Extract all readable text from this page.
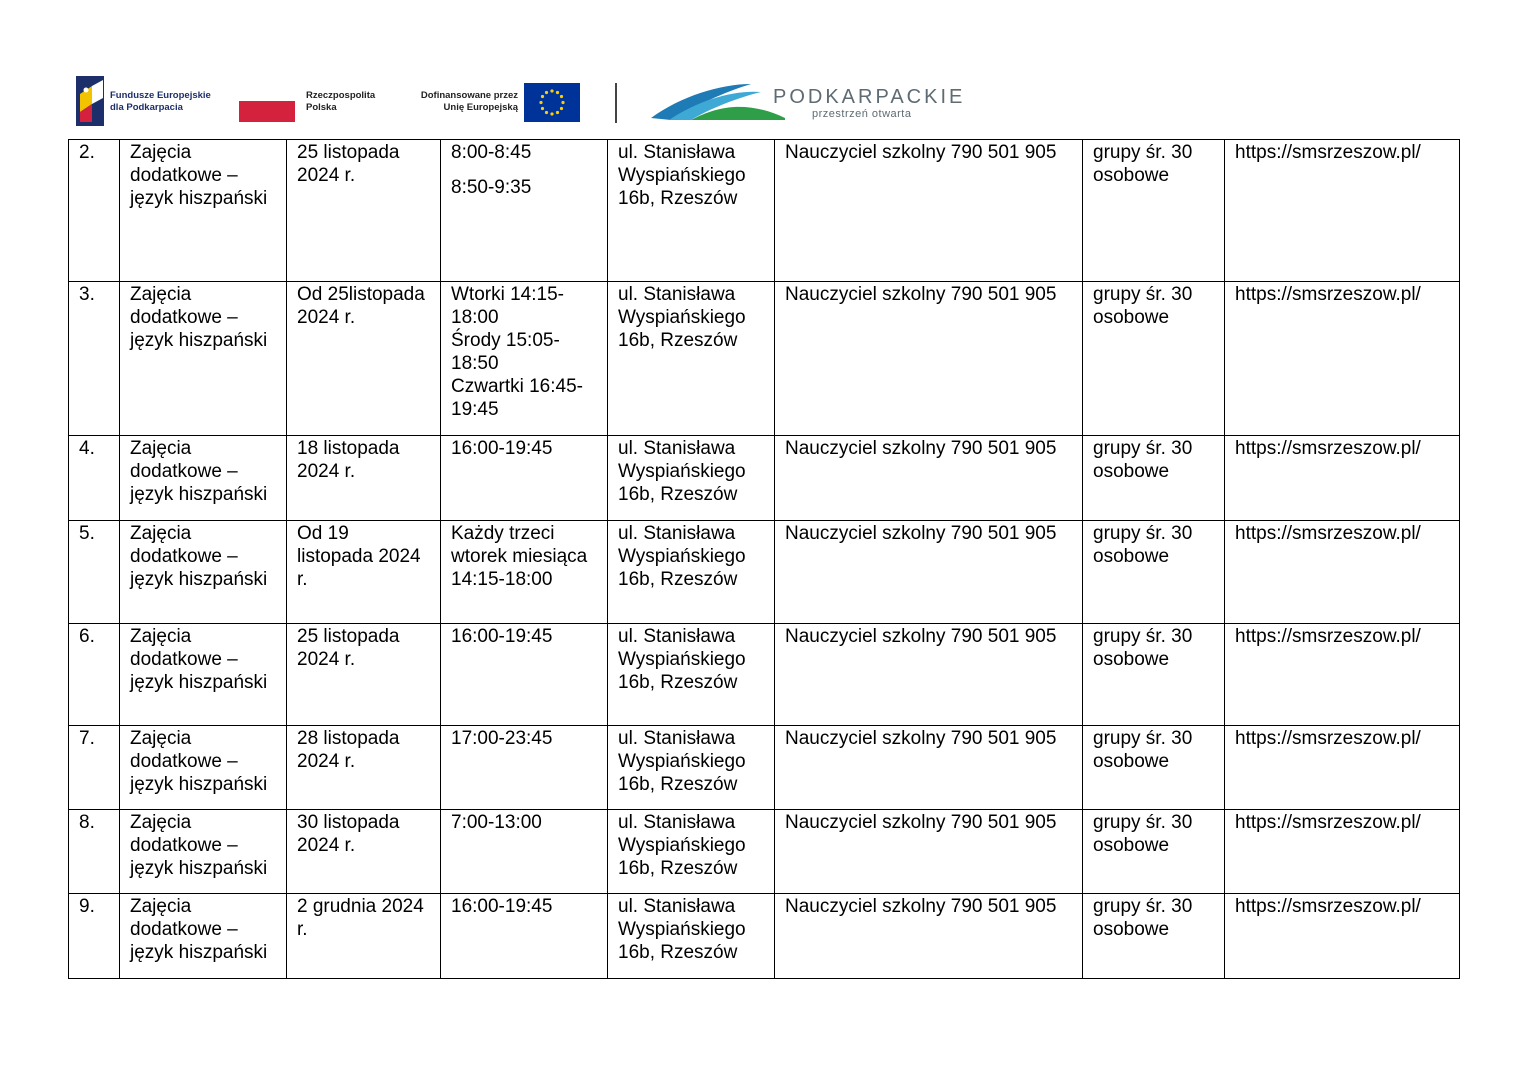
Fundusze Europejskie
dla Podkarpacia
Rzeczpospolita
Polska
Dofinansowane przez
Unię Europejską	PODKARPACKIE
przestrzeń otwarta
2.	Zajęcia dodatkowe – język hiszpański	25 listopada 2024 r.	8:00-8:45
8:50-9:35	ul. Stanisława Wyspiańskiego 16b, Rzeszów	Nauczyciel szkolny 790 501 905	grupy śr. 30 osobowe	https://smsrzeszow.pl/
3.	Zajęcia dodatkowe – język hiszpański	Od 25listopada 2024 r.	Wtorki 14:15-18:00
Środy 15:05-18:50
Czwartki 16:45-19:45	ul. Stanisława Wyspiańskiego 16b, Rzeszów	Nauczyciel szkolny 790 501 905	grupy śr. 30 osobowe	https://smsrzeszow.pl/
4.	Zajęcia dodatkowe – język hiszpański	18 listopada 2024 r.	16:00-19:45	ul. Stanisława Wyspiańskiego 16b, Rzeszów	Nauczyciel szkolny 790 501 905	grupy śr. 30 osobowe	https://smsrzeszow.pl/
5.	Zajęcia dodatkowe – język hiszpański	Od 19 listopada 2024 r.	Każdy trzeci wtorek miesiąca 14:15-18:00	ul. Stanisława Wyspiańskiego 16b, Rzeszów	Nauczyciel szkolny 790 501 905	grupy śr. 30 osobowe	https://smsrzeszow.pl/
6.	Zajęcia dodatkowe – język hiszpański	25 listopada 2024 r.	16:00-19:45	ul. Stanisława Wyspiańskiego 16b, Rzeszów	Nauczyciel szkolny 790 501 905	grupy śr. 30 osobowe	https://smsrzeszow.pl/
7.	Zajęcia dodatkowe – język hiszpański	28 listopada 2024 r.	17:00-23:45	ul. Stanisława Wyspiańskiego 16b, Rzeszów	Nauczyciel szkolny 790 501 905	grupy śr. 30 osobowe	https://smsrzeszow.pl/
8.	Zajęcia dodatkowe – język hiszpański	30 listopada 2024 r.	7:00-13:00	ul. Stanisława Wyspiańskiego 16b, Rzeszów	Nauczyciel szkolny 790 501 905	grupy śr. 30 osobowe	https://smsrzeszow.pl/
9.	Zajęcia dodatkowe – język hiszpański	2 grudnia 2024 r.	16:00-19:45	ul. Stanisława Wyspiańskiego 16b, Rzeszów	Nauczyciel szkolny 790 501 905	grupy śr. 30 osobowe	https://smsrzeszow.pl/
